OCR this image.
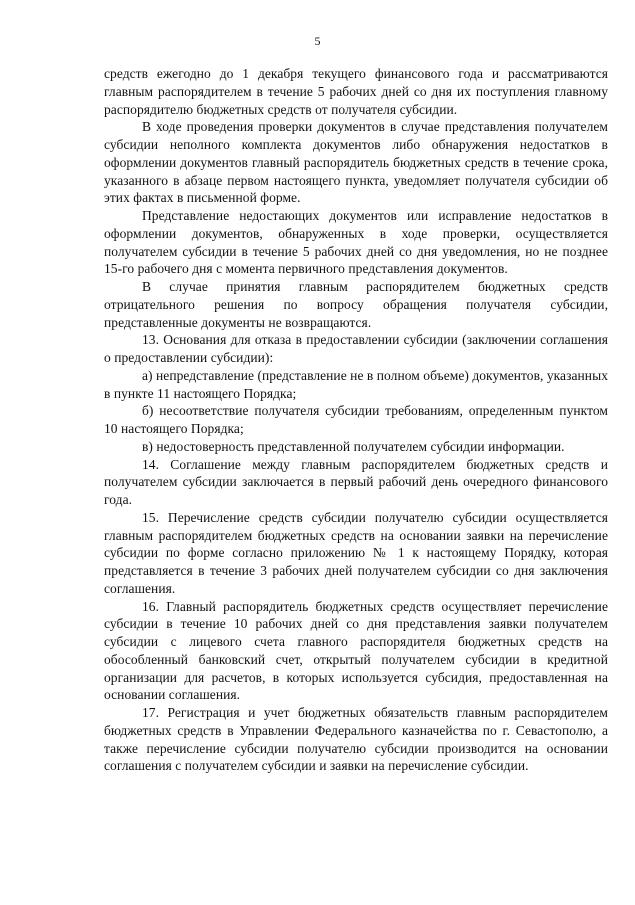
5

средств ежегодно до 1 декабря текущего финансового года и рассматриваются главным распорядителем в течение 5 рабочих дней со дня их поступления главному распорядителю бюджетных средств от получателя субсидии.

В ходе проведения проверки документов в случае представления получателем субсидии неполного комплекта документов либо обнаружения недостатков в оформлении документов главный распорядитель бюджетных средств в течение срока, указанного в абзаце первом настоящего пункта, уведомляет получателя субсидии об этих фактах в письменной форме.

Представление недостающих документов или исправление недостатков в оформлении документов, обнаруженных в ходе проверки, осуществляется получателем субсидии в течение 5 рабочих дней со дня уведомления, но не позднее 15-го рабочего дня с момента первичного представления документов.

В случае принятия главным распорядителем бюджетных средств отрицательного решения по вопросу обращения получателя субсидии, представленные документы не возвращаются.

13. Основания для отказа в предоставлении субсидии (заключении соглашения о предоставлении субсидии):

а) непредставление (представление не в полном объеме) документов, указанных в пункте 11 настоящего Порядка;

б) несоответствие получателя субсидии требованиям, определенным пунктом 10 настоящего Порядка;

в) недостоверность представленной получателем субсидии информации.

14. Соглашение между главным распорядителем бюджетных средств и получателем субсидии заключается в первый рабочий день очередного финансового года.

15. Перечисление средств субсидии получателю субсидии осуществляется главным распорядителем бюджетных средств на основании заявки на перечисление субсидии по форме согласно приложению № 1 к настоящему Порядку, которая представляется в течение 3 рабочих дней получателем субсидии со дня заключения соглашения.

16. Главный распорядитель бюджетных средств осуществляет перечисление субсидии в течение 10 рабочих дней со дня представления заявки получателем субсидии с лицевого счета главного распорядителя бюджетных средств на обособленный банковский счет, открытый получателем субсидии в кредитной организации для расчетов, в которых используется субсидия, предоставленная на основании соглашения.

17. Регистрация и учет бюджетных обязательств главным распорядителем бюджетных средств в Управлении Федерального казначейства по г. Севастополю, а также перечисление субсидии получателю субсидии производится на основании соглашения с получателем субсидии и заявки на перечисление субсидии.
